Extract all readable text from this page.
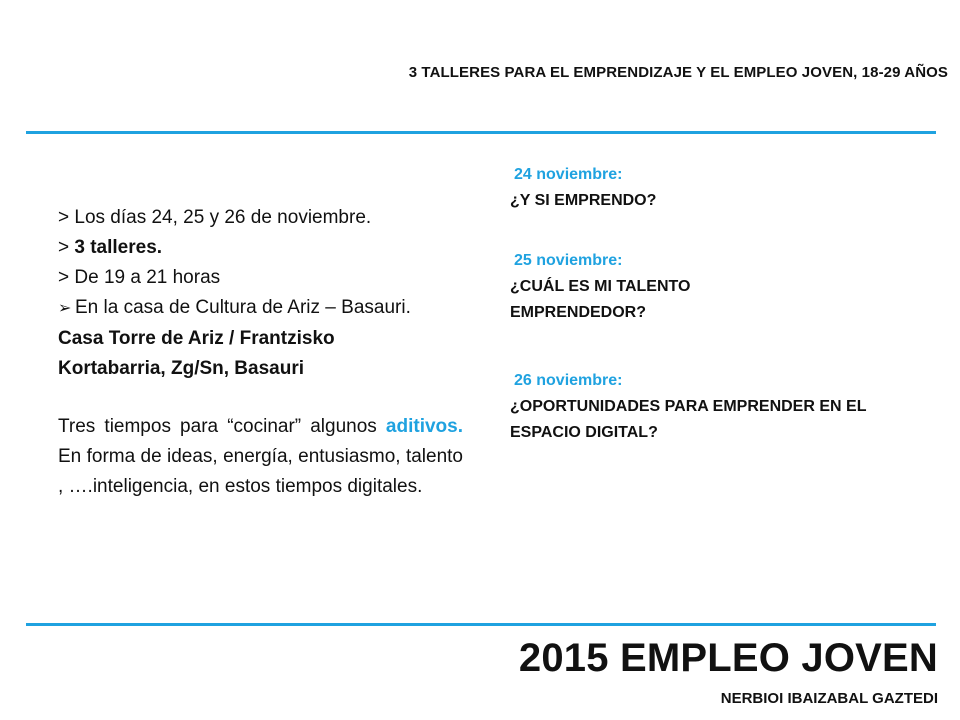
3 TALLERES PARA EL EMPRENDIZAJE Y EL EMPLEO JOVEN, 18-29 AÑOS
> Los días 24, 25 y 26 de noviembre.
> 3 talleres.
> De 19 a 21 horas
➢ En la casa de Cultura de Ariz – Basauri. Casa Torre de Ariz / Frantzisko Kortabarria, Zg/Sn, Basauri
Tres tiempos para “cocinar” algunos aditivos. En forma de ideas, energía, entusiasmo, talento , ….inteligencia, en estos tiempos digitales.
24 noviembre:
¿Y SI EMPRENDO?
25 noviembre:
¿CUÁL ES MI TALENTO EMPRENDEDOR?
26 noviembre:
¿OPORTUNIDADES PARA EMPRENDER EN EL ESPACIO DIGITAL?
2015 EMPLEO JOVEN
NERBIOI IBAIZABAL GAZTEDI
